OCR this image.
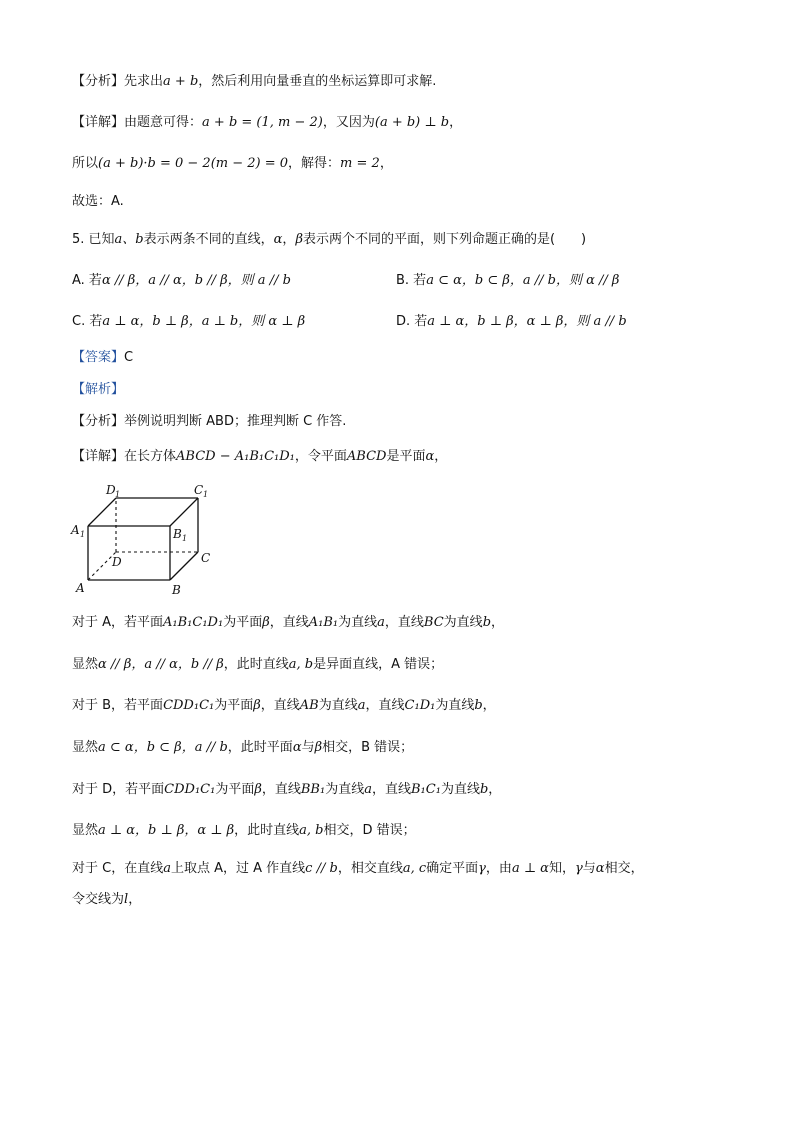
【分析】先求出a + b，然后利用向量垂直的坐标运算即可求解.
【详解】由题意可得：a + b = (1, m − 2)，又因为(a + b) ⊥ b，
所以(a + b)·b = 0 − 2(m − 2) = 0，解得：m = 2，
故选：A.
5. 已知a、b表示两条不同的直线，α，β表示两个不同的平面，则下列命题正确的是(　　)
A. 若α // β，a // α，b // β，则 a // b	B. 若a ⊂ α，b ⊂ β，a // b，则 α // β
C. 若a ⊥ α，b ⊥ β，a ⊥ b，则 α ⊥ β	D. 若a ⊥ α，b ⊥ β，α ⊥ β，则 a // b
【答案】C
【解析】
【分析】举例说明判断 ABD；推理判断 C 作答.
【详解】在长方体ABCD − A₁B₁C₁D₁，令平面ABCD是平面α，
A	B
C
D
A 1	B 1
C 1
D 1
对于 A，若平面A₁B₁C₁D₁为平面β，直线A₁B₁为直线a，直线BC为直线b，
显然α // β，a // α，b // β，此时直线a, b是异面直线，A 错误；
对于 B，若平面CDD₁C₁为平面β，直线AB为直线a，直线C₁D₁为直线b，
显然a ⊂ α，b ⊂ β，a // b，此时平面α与β相交，B 错误；
对于 D，若平面CDD₁C₁为平面β，直线BB₁为直线a，直线B₁C₁为直线b，
显然a ⊥ α，b ⊥ β，α ⊥ β，此时直线a, b相交，D 错误；
对于 C，在直线a上取点 A，过 A 作直线c // b，相交直线a, c确定平面γ，由a ⊥ α知，γ与α相交，
令交线为l，
